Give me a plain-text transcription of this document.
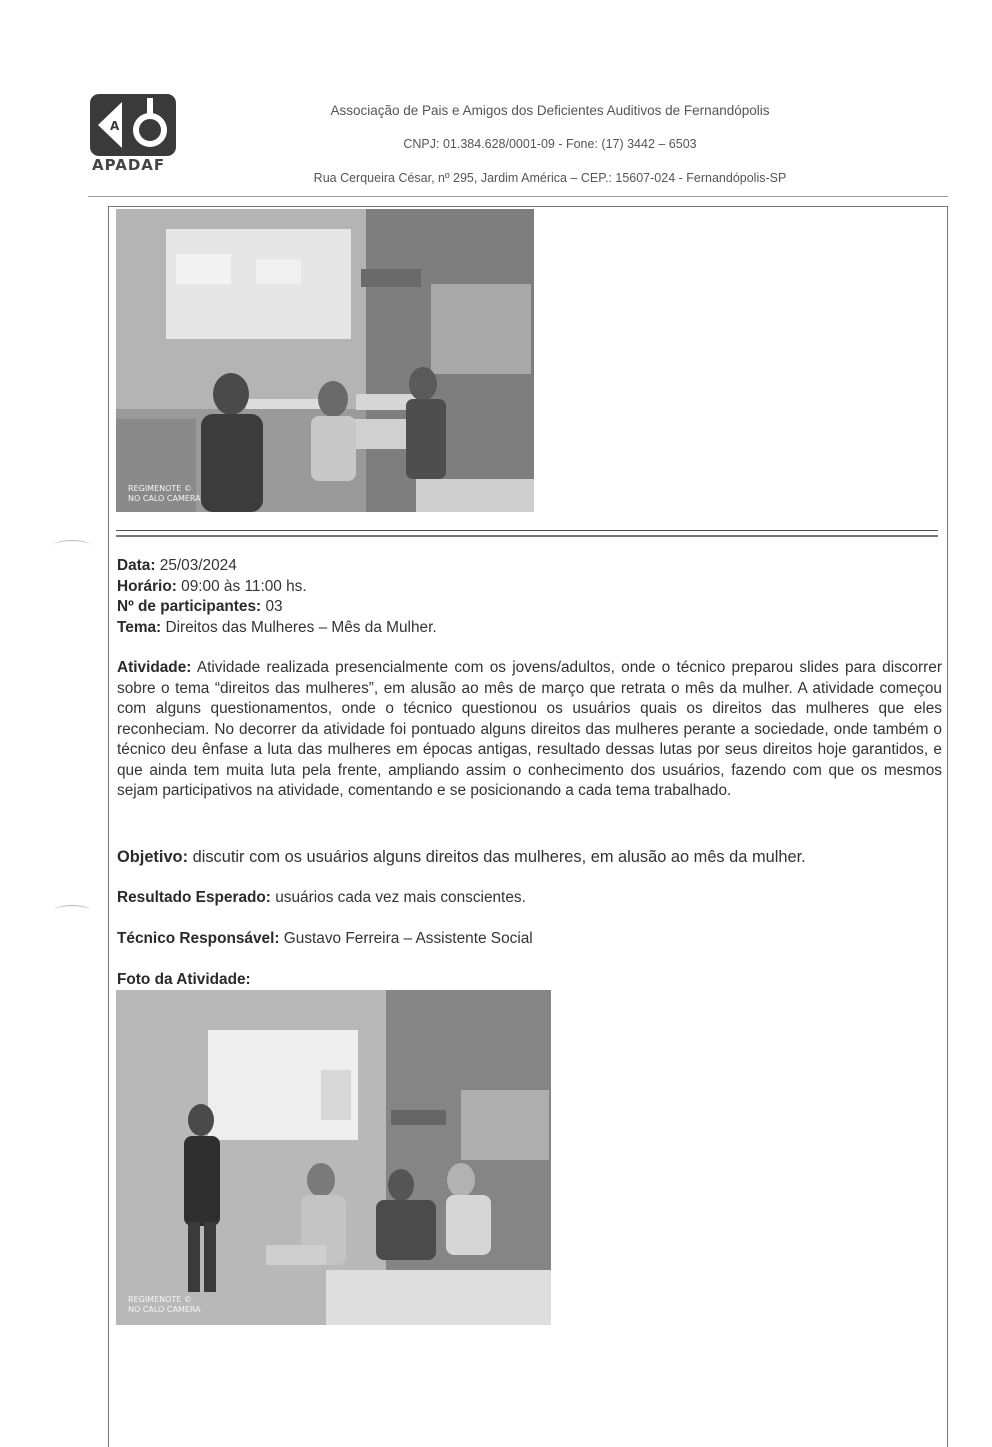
A
APADAF
Associação de Pais e Amigos dos Deficientes Auditivos de Fernandópolis
CNPJ: 01.384.628/0001-09 - Fone: (17) 3442 – 6503
Rua Cerqueira César, nº 295, Jardim América – CEP.: 15607-024 - Fernandópolis-SP
REGIMENOTE ©
NO CALO CAMERA
Data: 25/03/2024
Horário: 09:00 às 11:00 hs.
Nº de participantes: 03
Tema: Direitos das Mulheres – Mês da Mulher.
Atividade: Atividade realizada presencialmente com os jovens/adultos, onde o técnico preparou slides para discorrer sobre o tema “direitos das mulheres”, em alusão ao mês de março que retrata o mês da mulher. A atividade começou com alguns questionamentos, onde o técnico questionou os usuários quais os direitos das mulheres que eles reconheciam. No decorrer da atividade foi pontuado alguns direitos das mulheres perante a sociedade, onde também o técnico deu ênfase a luta das mulheres em épocas antigas, resultado dessas lutas por seus direitos hoje garantidos, e que ainda tem muita luta pela frente, ampliando assim o conhecimento dos usuários, fazendo com que os mesmos sejam participativos na atividade, comentando e se posicionando a cada tema trabalhado.
Objetivo: discutir com os usuários alguns direitos das mulheres, em alusão ao mês da mulher.
Resultado Esperado: usuários cada vez mais conscientes.
Técnico Responsável: Gustavo Ferreira – Assistente Social
Foto da Atividade:
REGIMENOTE ©
NO CALO CAMERA
